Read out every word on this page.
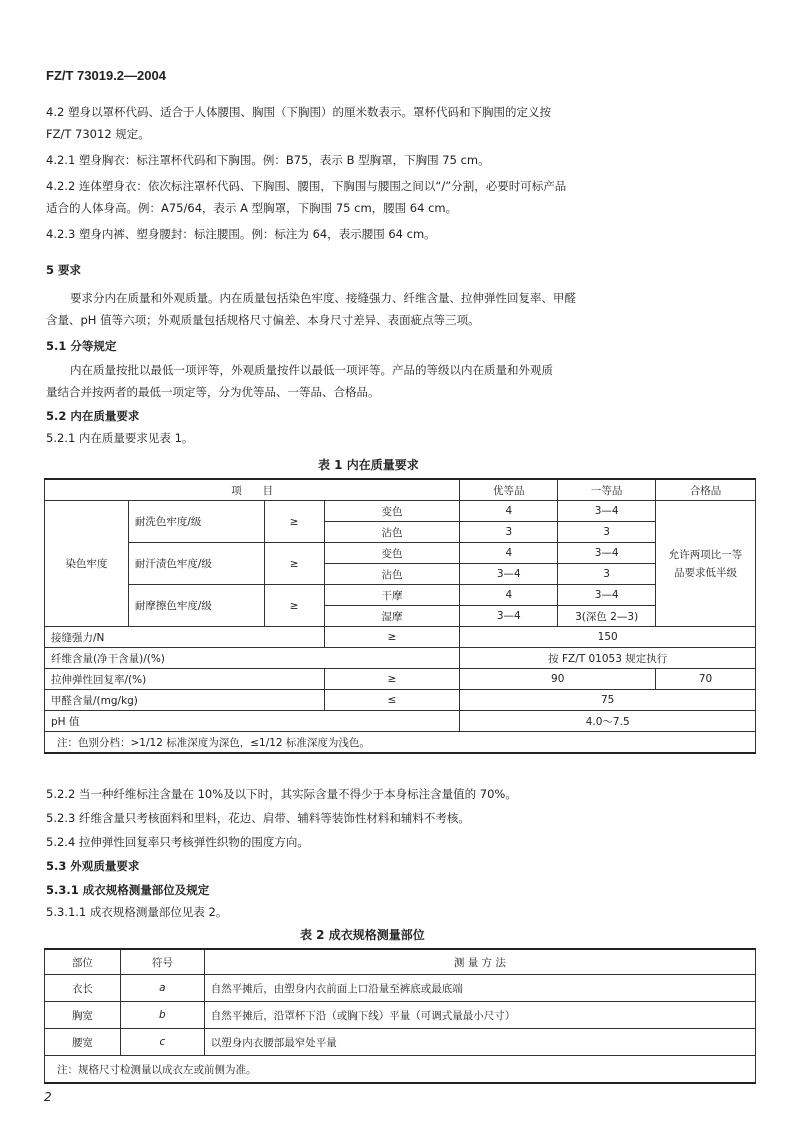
FZ/T 73019.2—2004
4.2 塑身以罩杯代码、适合于人体腰围、胸围（下胸围）的厘米数表示。罩杯代码和下胸围的定义按
FZ/T 73012 规定。
4.2.1 塑身胸衣：标注罩杯代码和下胸围。例：B75，表示 B 型胸罩，下胸围 75 cm。
4.2.2 连体塑身衣：依次标注罩杯代码、下胸围、腰围，下胸围与腰围之间以“/”分割，必要时可标产品
适合的人体身高。例：A75/64，表示 A 型胸罩，下胸围 75 cm，腰围 64 cm。
4.2.3 塑身内裤、塑身腰封：标注腰围。例：标注为 64，表示腰围 64 cm。
5 要求
要求分内在质量和外观质量。内在质量包括染色牢度、接缝强力、纤维含量、拉伸弹性回复率、甲醛
含量、pH 值等六项；外观质量包括规格尺寸偏差、本身尺寸差异、表面疵点等三项。
5.1 分等规定
内在质量按批以最低一项评等，外观质量按件以最低一项评等。产品的等级以内在质量和外观质
量结合并按两者的最低一项定等，分为优等品、一等品、合格品。
5.2 内在质量要求
5.2.1 内在质量要求见表 1。
表 1 内在质量要求
项　　目				优等品	一等品	合格品
染色牢度	耐洗色牢度/级	≥	变色	4	3—4	允许两项比一等品要求低半级
			沾色	3	3	
	耐汗渍色牢度/级	≥	变色	4	3—4	
			沾色	3—4	3	
	耐摩擦色牢度/级	≥	干摩	4	3—4	
			湿摩	3—4	3(深色 2—3)	
接缝强力/N			≥	150		
纤维含量(净干含量)/(%)				按 FZ/T 01053 规定执行		
拉伸弹性回复率/(%)			≥	90		70
甲醛含量/(mg/kg)			≤	75		
pH 值				4.0～7.5		
注：色别分档：>1/12 标准深度为深色，≤1/12 标准深度为浅色。						
5.2.2 当一种纤维标注含量在 10%及以下时，其实际含量不得少于本身标注含量值的 70%。
5.2.3 纤维含量只考核面料和里料，花边、肩带、辅料等装饰性材料和辅料不考核。
5.2.4 拉伸弹性回复率只考核弹性织物的围度方向。
5.3 外观质量要求
5.3.1 成衣规格测量部位及规定
5.3.1.1 成衣规格测量部位见表 2。
表 2 成衣规格测量部位
部位	符号	测 量 方 法
衣长	a	自然平摊后，由塑身内衣前面上口沿量至裤底或最底端
胸宽	b	自然平摊后，沿罩杯下沿（或胸下线）平量（可调式量最小尺寸）
腰宽	c	以塑身内衣腰部最窄处平量
注：规格尺寸检测量以成衣左或前侧为准。		
2
